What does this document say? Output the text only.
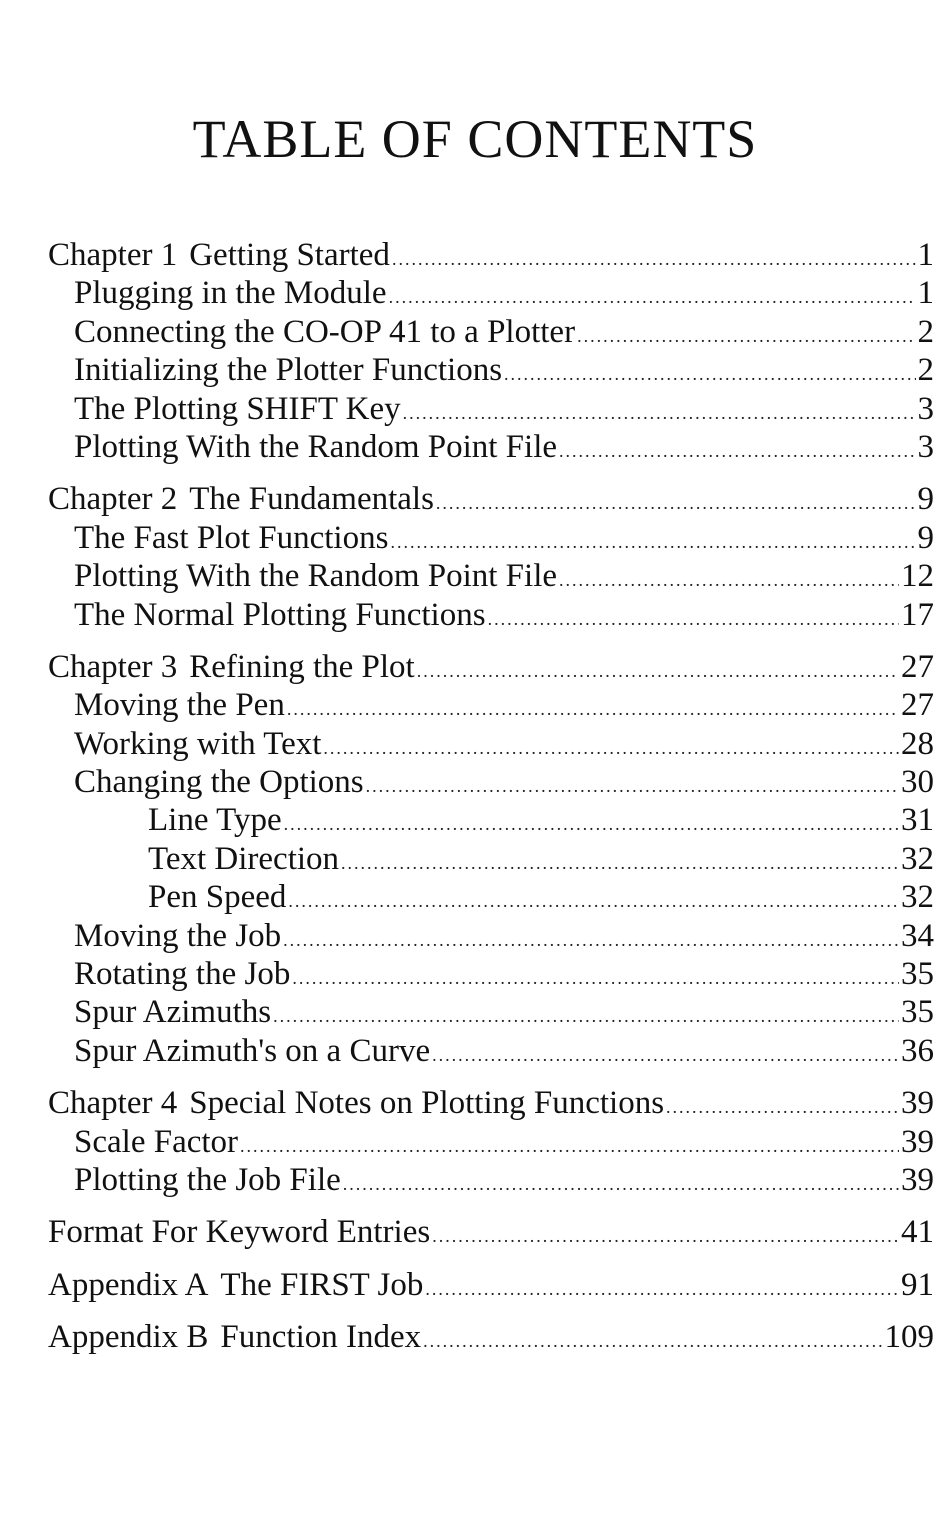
TABLE OF CONTENTS
Chapter 1 Getting Started .....	1
Plugging in the Module .....	1
Connecting the CO-OP 41 to a Plotter .....	2
Initializing the Plotter Functions .....	2
The Plotting SHIFT Key .....	3
Plotting With the Random Point File .....	3
Chapter 2 The Fundamentals .....	9
The Fast Plot Functions .....	9
Plotting With the Random Point File .....	12
The Normal Plotting Functions .....	17
Chapter 3 Refining the Plot .....	27
Moving the Pen .....	27
Working with Text .....	28
Changing the Options .....	30
Line Type .....	31
Text Direction .....	32
Pen Speed .....	32
Moving the Job .....	34
Rotating the Job .....	35
Spur Azimuths .....	35
Spur Azimuth's on a Curve .....	36
Chapter 4 Special Notes on Plotting Functions .....	39
Scale Factor .....	39
Plotting the Job File .....	39
Format For Keyword Entries .....	41
Appendix A The FIRST Job .....	91
Appendix B Function Index .....	109
